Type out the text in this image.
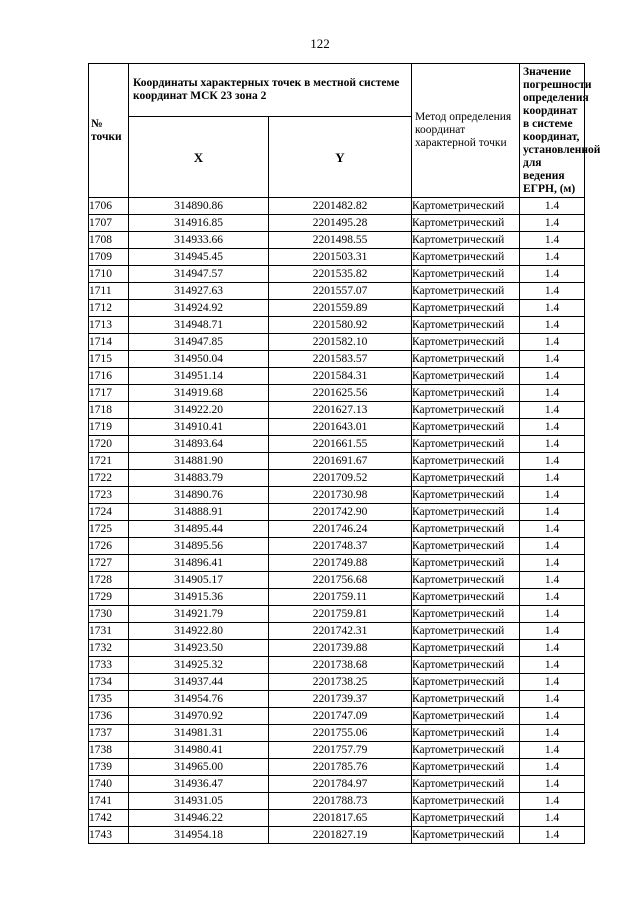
122
№ точки	Координаты характерных точек в местной системе координат МСК 23 зона 2		Метод определения координат характерной точки	Значение погрешности определения координат в системе координат, установленной для ведения ЕГРН, (м)
	X	Y		
1706	314890.86	2201482.82	Картометрический	1.4
1707	314916.85	2201495.28	Картометрический	1.4
1708	314933.66	2201498.55	Картометрический	1.4
1709	314945.45	2201503.31	Картометрический	1.4
1710	314947.57	2201535.82	Картометрический	1.4
1711	314927.63	2201557.07	Картометрический	1.4
1712	314924.92	2201559.89	Картометрический	1.4
1713	314948.71	2201580.92	Картометрический	1.4
1714	314947.85	2201582.10	Картометрический	1.4
1715	314950.04	2201583.57	Картометрический	1.4
1716	314951.14	2201584.31	Картометрический	1.4
1717	314919.68	2201625.56	Картометрический	1.4
1718	314922.20	2201627.13	Картометрический	1.4
1719	314910.41	2201643.01	Картометрический	1.4
1720	314893.64	2201661.55	Картометрический	1.4
1721	314881.90	2201691.67	Картометрический	1.4
1722	314883.79	2201709.52	Картометрический	1.4
1723	314890.76	2201730.98	Картометрический	1.4
1724	314888.91	2201742.90	Картометрический	1.4
1725	314895.44	2201746.24	Картометрический	1.4
1726	314895.56	2201748.37	Картометрический	1.4
1727	314896.41	2201749.88	Картометрический	1.4
1728	314905.17	2201756.68	Картометрический	1.4
1729	314915.36	2201759.11	Картометрический	1.4
1730	314921.79	2201759.81	Картометрический	1.4
1731	314922.80	2201742.31	Картометрический	1.4
1732	314923.50	2201739.88	Картометрический	1.4
1733	314925.32	2201738.68	Картометрический	1.4
1734	314937.44	2201738.25	Картометрический	1.4
1735	314954.76	2201739.37	Картометрический	1.4
1736	314970.92	2201747.09	Картометрический	1.4
1737	314981.31	2201755.06	Картометрический	1.4
1738	314980.41	2201757.79	Картометрический	1.4
1739	314965.00	2201785.76	Картометрический	1.4
1740	314936.47	2201784.97	Картометрический	1.4
1741	314931.05	2201788.73	Картометрический	1.4
1742	314946.22	2201817.65	Картометрический	1.4
1743	314954.18	2201827.19	Картометрический	1.4
